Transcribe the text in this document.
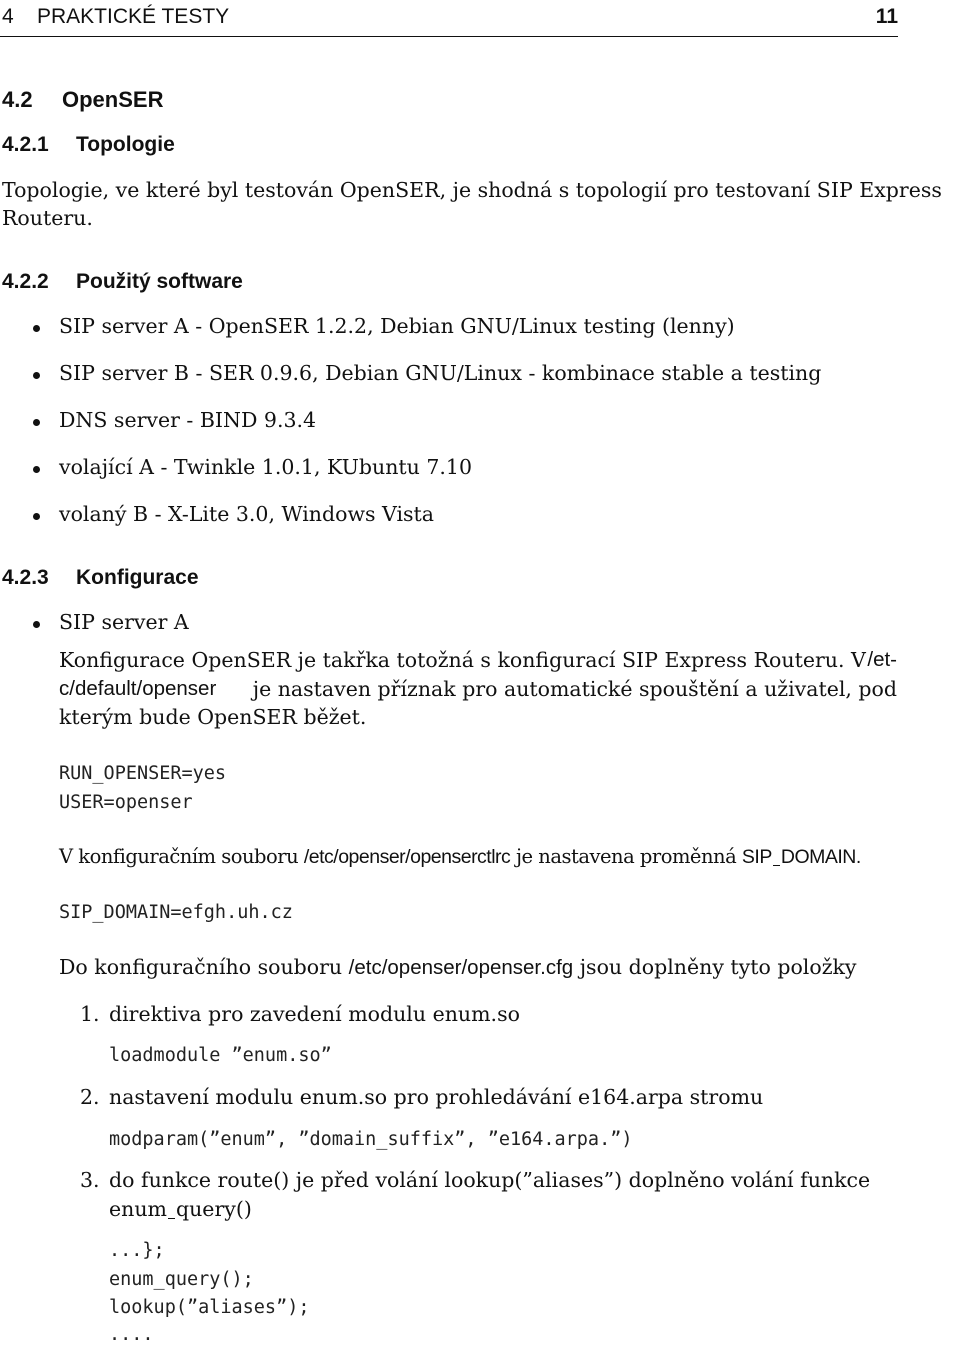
4 PRAKTICKÉ TESTY	11
4.2 OpenSER
4.2.1 Topologie
Topologie, ve které byl testován OpenSER, je shodná s topologií pro testovaní SIP Express
Routeru.
4.2.2 Použitý software
SIP server A - OpenSER 1.2.2, Debian GNU/Linux testing (lenny)
SIP server B - SER 0.9.6, Debian GNU/Linux - kombinace stable a testing
DNS server - BIND 9.3.4
volající A - Twinkle 1.0.1, KUbuntu 7.10
volaný B - X-Lite 3.0, Windows Vista
4.2.3 Konfigurace
SIP server A
Konfigurace OpenSER je takřka totožná s konfigurací SIP Express Routeru. V /et-
c/default/openser je nastaven příznak pro automatické spouštění a uživatel, pod
kterým bude OpenSER běžet.
RUN_OPENSER=yes
USER=openser
V konfiguračním souboru /etc/openser/openserctlrc je nastavena proměnná SIP DOMAIN.
SIP_DOMAIN=efgh.uh.cz
Do konfiguračního souboru /etc/openser/openser.cfg jsou doplněny tyto položky
1. direktiva pro zavedení modulu enum.so
loadmodule ”enum.so”
2. nastavení modulu enum.so pro prohledávání e164.arpa stromu
modparam(”enum”, ”domain_suffix”, ”e164.arpa.”)
3. do funkce route() je před volání lookup(”aliases”) doplněno volání funkce
enum query()
...};
enum_query();
lookup(”aliases”);
....
